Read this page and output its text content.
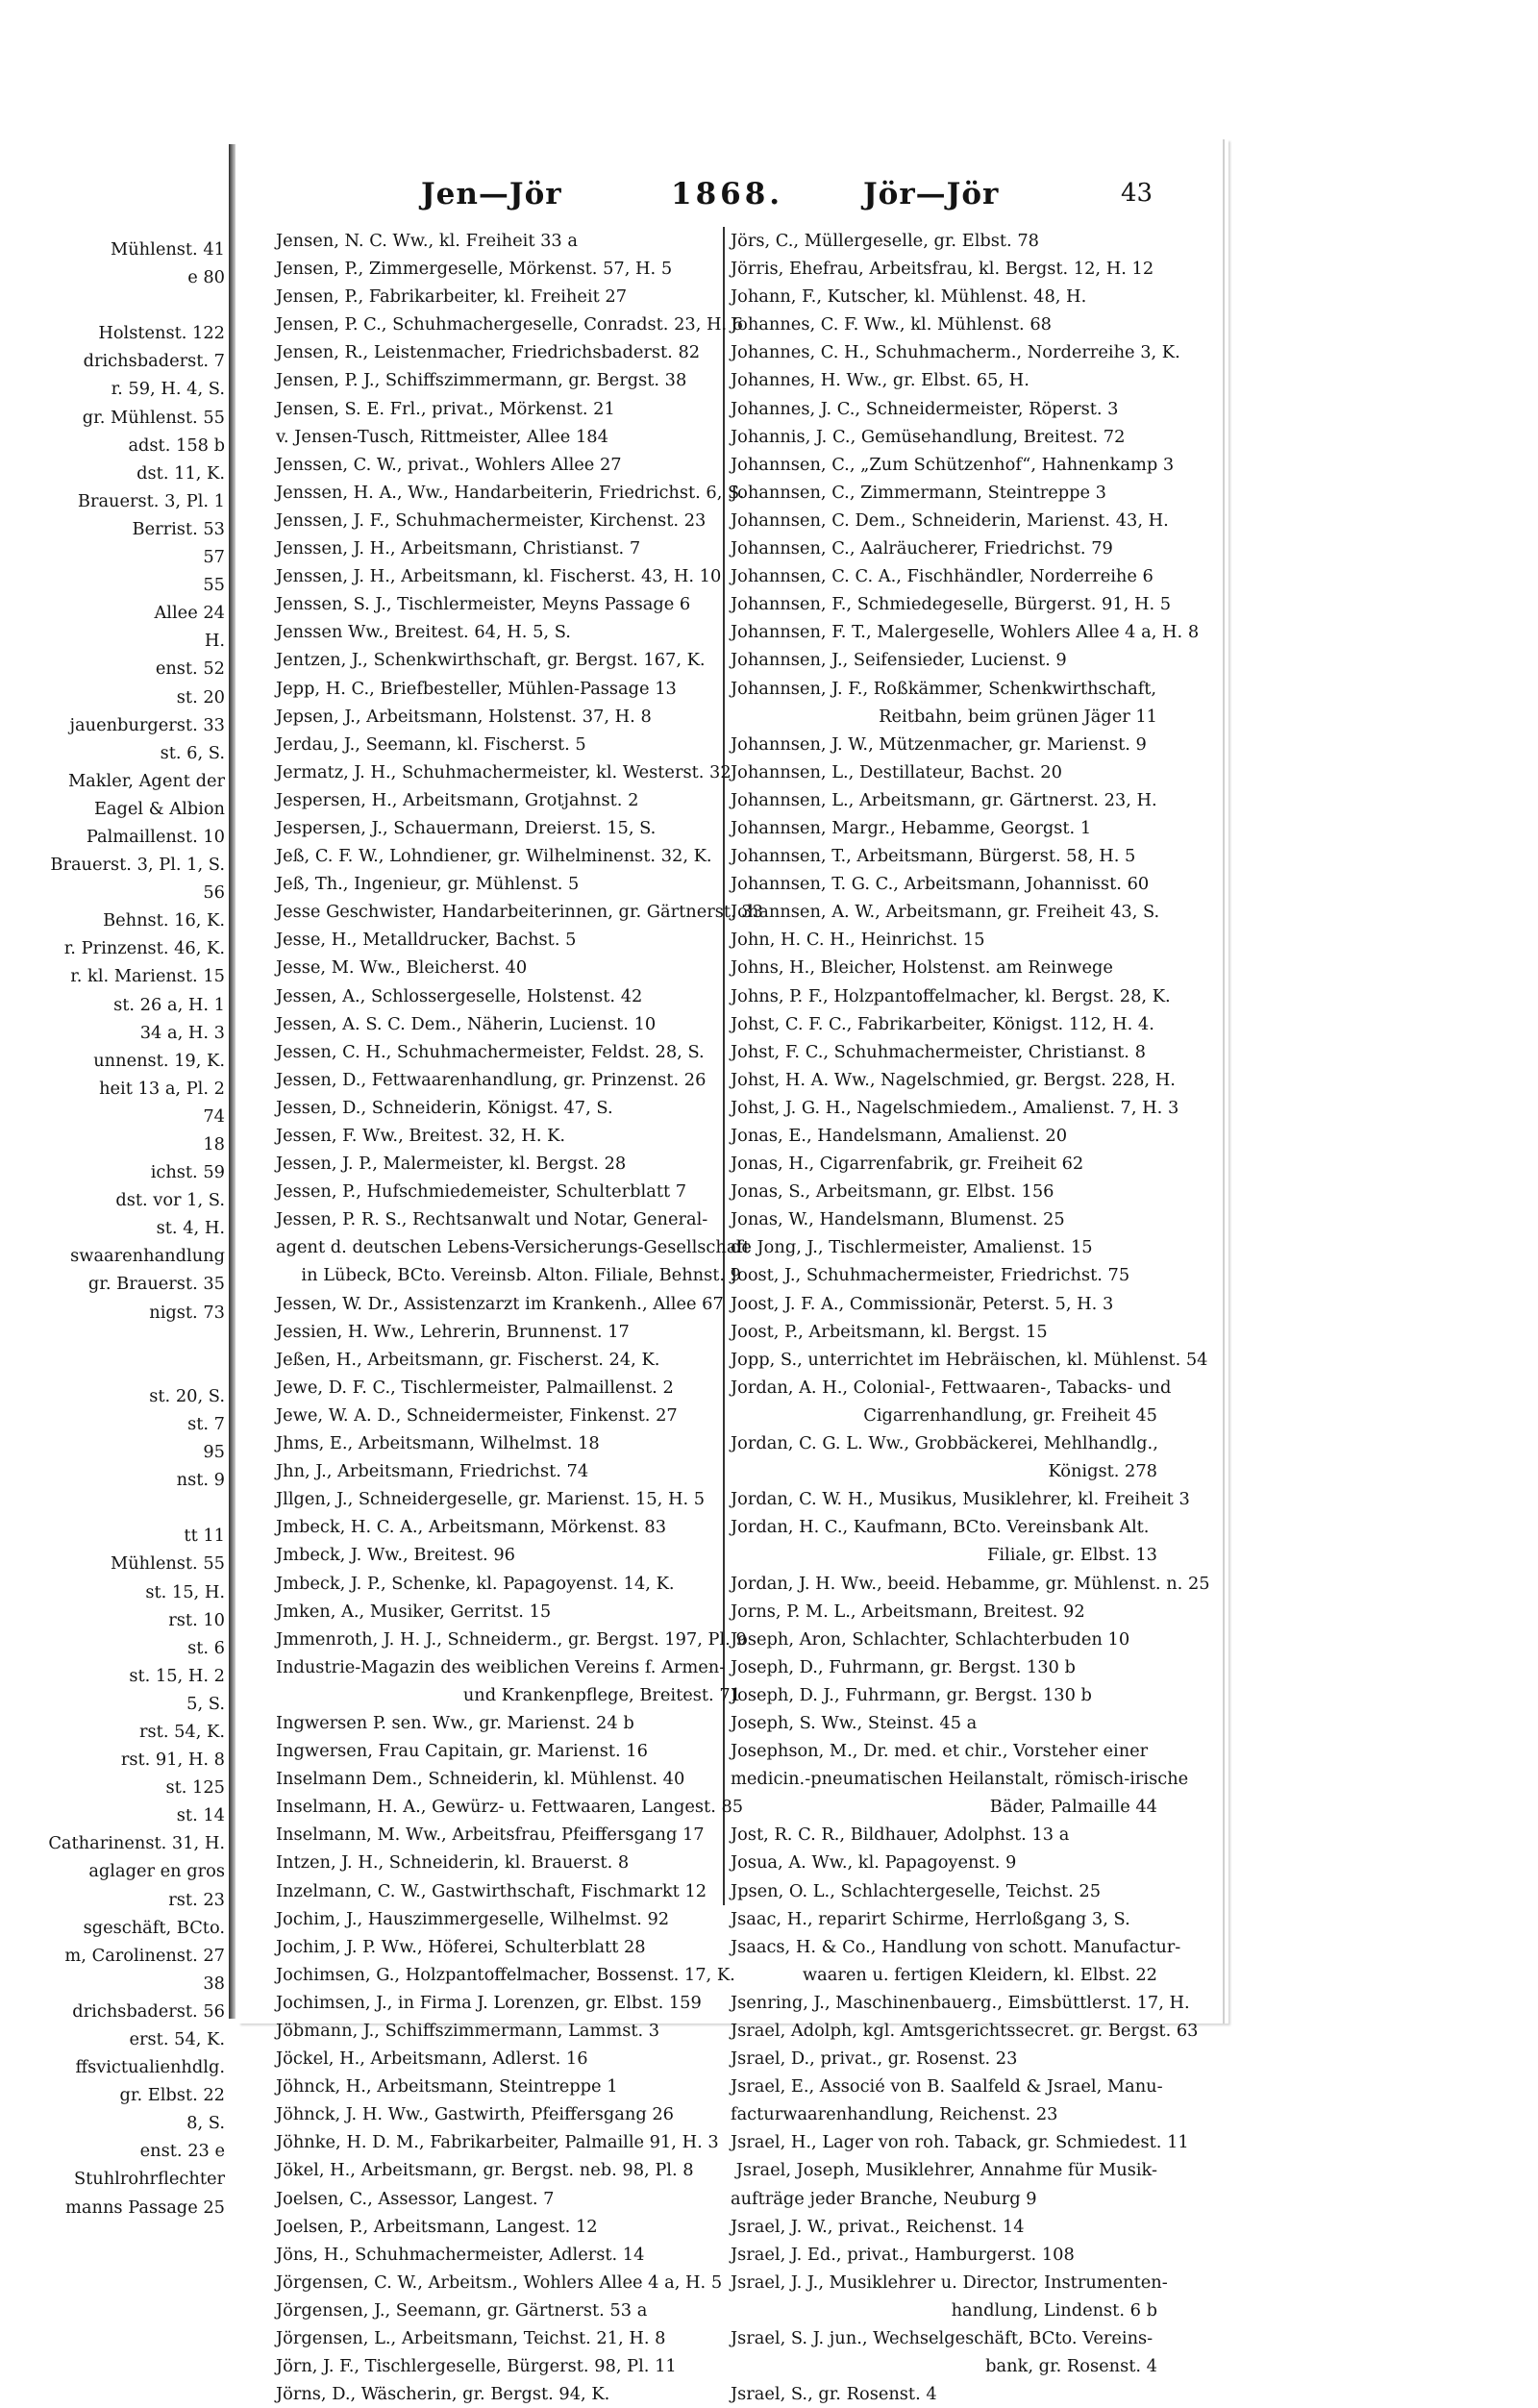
Mühlenst. 41
e 80
Holstenst. 122
drichsbaderst. 7
r. 59, H. 4, S.
gr. Mühlenst. 55
adst. 158 b
dst. 11, K.
Brauerst. 3, Pl. 1
Berrist. 53
57
55
Allee 24
H.
enst. 52
st. 20
jauenburgerst. 33
st. 6, S.
Makler, Agent der
Eagel & Albion
Palmaillenst. 10
Brauerst. 3, Pl. 1, S.
56
Behnst. 16, K.
r. Prinzenst. 46, K.
r. kl. Marienst. 15
st. 26 a, H. 1
34 a, H. 3
unnenst. 19, K.
heit 13 a, Pl. 2
74
18
ichst. 59
dst. vor 1, S.
st. 4, H.
swaarenhandlung
gr. Brauerst. 35
nigst. 73
st. 20, S.
st. 7
95
nst. 9
tt 11
Mühlenst. 55
st. 15, H.
rst. 10
st. 6
st. 15, H. 2
5, S.
rst. 54, K.
rst. 91, H. 8
st. 125
st. 14
Catharinenst. 31, H.
aglager en gros
rst. 23
sgeschäft, BCto.
m, Carolinenst. 27
38
drichsbaderst. 56
erst. 54, K.
ffsvictualienhdlg.
gr. Elbst. 22
8, S.
enst. 23 e
Stuhlrohrflechter
manns Passage 25
Jen—Jör	1868.	Jör—Jör	43
Jensen, N. C. Ww., kl. Freiheit 33 a
Jensen, P., Zimmergeselle, Mörkenst. 57, H. 5
Jensen, P., Fabrikarbeiter, kl. Freiheit 27
Jensen, P. C., Schuhmachergeselle, Conradst. 23, H. 6
Jensen, R., Leistenmacher, Friedrichsbaderst. 82
Jensen, P. J., Schiffszimmermann, gr. Bergst. 38
Jensen, S. E. Frl., privat., Mörkenst. 21
v. Jensen-Tusch, Rittmeister, Allee 184
Jenssen, C. W., privat., Wohlers Allee 27
Jenssen, H. A., Ww., Handarbeiterin, Friedrichst. 6, S.
Jenssen, J. F., Schuhmachermeister, Kirchenst. 23
Jenssen, J. H., Arbeitsmann, Christianst. 7
Jenssen, J. H., Arbeitsmann, kl. Fischerst. 43, H. 10
Jenssen, S. J., Tischlermeister, Meyns Passage 6
Jenssen Ww., Breitest. 64, H. 5, S.
Jentzen, J., Schenkwirthschaft, gr. Bergst. 167, K.
Jepp, H. C., Briefbesteller, Mühlen-Passage 13
Jepsen, J., Arbeitsmann, Holstenst. 37, H. 8
Jerdau, J., Seemann, kl. Fischerst. 5
Jermatz, J. H., Schuhmachermeister, kl. Westerst. 32
Jespersen, H., Arbeitsmann, Grotjahnst. 2
Jespersen, J., Schauermann, Dreierst. 15, S.
Jeß, C. F. W., Lohndiener, gr. Wilhelminenst. 32, K.
Jeß, Th., Ingenieur, gr. Mühlenst. 5
Jesse Geschwister, Handarbeiterinnen, gr. Gärtnerst. 33
Jesse, H., Metalldrucker, Bachst. 5
Jesse, M. Ww., Bleicherst. 40
Jessen, A., Schlossergeselle, Holstenst. 42
Jessen, A. S. C. Dem., Näherin, Lucienst. 10
Jessen, C. H., Schuhmachermeister, Feldst. 28, S.
Jessen, D., Fettwaarenhandlung, gr. Prinzenst. 26
Jessen, D., Schneiderin, Königst. 47, S.
Jessen, F. Ww., Breitest. 32, H. K.
Jessen, J. P., Malermeister, kl. Bergst. 28
Jessen, P., Hufschmiedemeister, Schulterblatt 7
Jessen, P. R. S., Rechtsanwalt und Notar, General-
agent d. deutschen Lebens-Versicherungs-Gesellschaft
in Lübeck, BCto. Vereinsb. Alton. Filiale, Behnst. 9
Jessen, W. Dr., Assistenzarzt im Krankenh., Allee 67
Jessien, H. Ww., Lehrerin, Brunnenst. 17
Jeßen, H., Arbeitsmann, gr. Fischerst. 24, K.
Jewe, D. F. C., Tischlermeister, Palmaillenst. 2
Jewe, W. A. D., Schneidermeister, Finkenst. 27
Jhms, E., Arbeitsmann, Wilhelmst. 18
Jhn, J., Arbeitsmann, Friedrichst. 74
Jllgen, J., Schneidergeselle, gr. Marienst. 15, H. 5
Jmbeck, H. C. A., Arbeitsmann, Mörkenst. 83
Jmbeck, J. Ww., Breitest. 96
Jmbeck, J. P., Schenke, kl. Papagoyenst. 14, K.
Jmken, A., Musiker, Gerritst. 15
Jmmenroth, J. H. J., Schneiderm., gr. Bergst. 197, Pl. 9
Industrie-Magazin des weiblichen Vereins f. Armen-
und Krankenpflege, Breitest. 71
Ingwersen P. sen. Ww., gr. Marienst. 24 b
Ingwersen, Frau Capitain, gr. Marienst. 16
Inselmann Dem., Schneiderin, kl. Mühlenst. 40
Inselmann, H. A., Gewürz- u. Fettwaaren, Langest. 85
Inselmann, M. Ww., Arbeitsfrau, Pfeiffersgang 17
Intzen, J. H., Schneiderin, kl. Brauerst. 8
Inzelmann, C. W., Gastwirthschaft, Fischmarkt 12
Jochim, J., Hauszimmergeselle, Wilhelmst. 92
Jochim, J. P. Ww., Höferei, Schulterblatt 28
Jochimsen, G., Holzpantoffelmacher, Bossenst. 17, K.
Jochimsen, J., in Firma J. Lorenzen, gr. Elbst. 159
Jöbmann, J., Schiffszimmermann, Lammst. 3
Jöckel, H., Arbeitsmann, Adlerst. 16
Jöhnck, H., Arbeitsmann, Steintreppe 1
Jöhnck, J. H. Ww., Gastwirth, Pfeiffersgang 26
Jöhnke, H. D. M., Fabrikarbeiter, Palmaille 91, H. 3
Jökel, H., Arbeitsmann, gr. Bergst. neb. 98, Pl. 8
Joelsen, C., Assessor, Langest. 7
Joelsen, P., Arbeitsmann, Langest. 12
Jöns, H., Schuhmachermeister, Adlerst. 14
Jörgensen, C. W., Arbeitsm., Wohlers Allee 4 a, H. 5
Jörgensen, J., Seemann, gr. Gärtnerst. 53 a
Jörgensen, L., Arbeitsmann, Teichst. 21, H. 8
Jörn, J. F., Tischlergeselle, Bürgerst. 98, Pl. 11
Jörns, D., Wäscherin, gr. Bergst. 94, K.
Jörs, C., Müllergeselle, gr. Elbst. 78
Jörris, Ehefrau, Arbeitsfrau, kl. Bergst. 12, H. 12
Johann, F., Kutscher, kl. Mühlenst. 48, H.
Johannes, C. F. Ww., kl. Mühlenst. 68
Johannes, C. H., Schuhmacherm., Norderreihe 3, K.
Johannes, H. Ww., gr. Elbst. 65, H.
Johannes, J. C., Schneidermeister, Röperst. 3
Johannis, J. C., Gemüsehandlung, Breitest. 72
Johannsen, C., „Zum Schützenhof“, Hahnenkamp 3
Johannsen, C., Zimmermann, Steintreppe 3
Johannsen, C. Dem., Schneiderin, Marienst. 43, H.
Johannsen, C., Aalräucherer, Friedrichst. 79
Johannsen, C. C. A., Fischhändler, Norderreihe 6
Johannsen, F., Schmiedegeselle, Bürgerst. 91, H. 5
Johannsen, F. T., Malergeselle, Wohlers Allee 4 a, H. 8
Johannsen, J., Seifensieder, Lucienst. 9
Johannsen, J. F., Roßkämmer, Schenkwirthschaft,
Reitbahn, beim grünen Jäger 11
Johannsen, J. W., Mützenmacher, gr. Marienst. 9
Johannsen, L., Destillateur, Bachst. 20
Johannsen, L., Arbeitsmann, gr. Gärtnerst. 23, H.
Johannsen, Margr., Hebamme, Georgst. 1
Johannsen, T., Arbeitsmann, Bürgerst. 58, H. 5
Johannsen, T. G. C., Arbeitsmann, Johannisst. 60
Johannsen, A. W., Arbeitsmann, gr. Freiheit 43, S.
John, H. C. H., Heinrichst. 15
Johns, H., Bleicher, Holstenst. am Reinwege
Johns, P. F., Holzpantoffelmacher, kl. Bergst. 28, K.
Johst, C. F. C., Fabrikarbeiter, Königst. 112, H. 4.
Johst, F. C., Schuhmachermeister, Christianst. 8
Johst, H. A. Ww., Nagelschmied, gr. Bergst. 228, H.
Johst, J. G. H., Nagelschmiedem., Amalienst. 7, H. 3
Jonas, E., Handelsmann, Amalienst. 20
Jonas, H., Cigarrenfabrik, gr. Freiheit 62
Jonas, S., Arbeitsmann, gr. Elbst. 156
Jonas, W., Handelsmann, Blumenst. 25
de Jong, J., Tischlermeister, Amalienst. 15
Joost, J., Schuhmachermeister, Friedrichst. 75
Joost, J. F. A., Commissionär, Peterst. 5, H. 3
Joost, P., Arbeitsmann, kl. Bergst. 15
Jopp, S., unterrichtet im Hebräischen, kl. Mühlenst. 54
Jordan, A. H., Colonial-, Fettwaaren-, Tabacks- und
Cigarrenhandlung, gr. Freiheit 45
Jordan, C. G. L. Ww., Grobbäckerei, Mehlhandlg.,
Königst. 278
Jordan, C. W. H., Musikus, Musiklehrer, kl. Freiheit 3
Jordan, H. C., Kaufmann, BCto. Vereinsbank Alt.
Filiale, gr. Elbst. 13
Jordan, J. H. Ww., beeid. Hebamme, gr. Mühlenst. n. 25
Jorns, P. M. L., Arbeitsmann, Breitest. 92
Joseph, Aron, Schlachter, Schlachterbuden 10
Joseph, D., Fuhrmann, gr. Bergst. 130 b
Joseph, D. J., Fuhrmann, gr. Bergst. 130 b
Joseph, S. Ww., Steinst. 45 a
Josephson, M., Dr. med. et chir., Vorsteher einer
medicin.-pneumatischen Heilanstalt, römisch-irische
Bäder, Palmaille 44
Jost, R. C. R., Bildhauer, Adolphst. 13 a
Josua, A. Ww., kl. Papagoyenst. 9
Jpsen, O. L., Schlachtergeselle, Teichst. 25
Jsaac, H., reparirt Schirme, Herrloßgang 3, S.
Jsaacs, H. & Co., Handlung von schott. Manufactur-
waaren u. fertigen Kleidern, kl. Elbst. 22
Jsenring, J., Maschinenbauerg., Eimsbüttlerst. 17, H.
Jsrael, Adolph, kgl. Amtsgerichtssecret. gr. Bergst. 63
Jsrael, D., privat., gr. Rosenst. 23
Jsrael, E., Associé von B. Saalfeld & Jsrael, Manu-
facturwaarenhandlung, Reichenst. 23
Jsrael, H., Lager von roh. Taback, gr. Schmiedest. 11
Jsrael, Joseph, Musiklehrer, Annahme für Musik-
aufträge jeder Branche, Neuburg 9
Jsrael, J. W., privat., Reichenst. 14
Jsrael, J. Ed., privat., Hamburgerst. 108
Jsrael, J. J., Musiklehrer u. Director, Instrumenten-
handlung, Lindenst. 6 b
Jsrael, S. J. jun., Wechselgeschäft, BCto. Vereins-
bank, gr. Rosenst. 4
Jsrael, S., gr. Rosenst. 4
